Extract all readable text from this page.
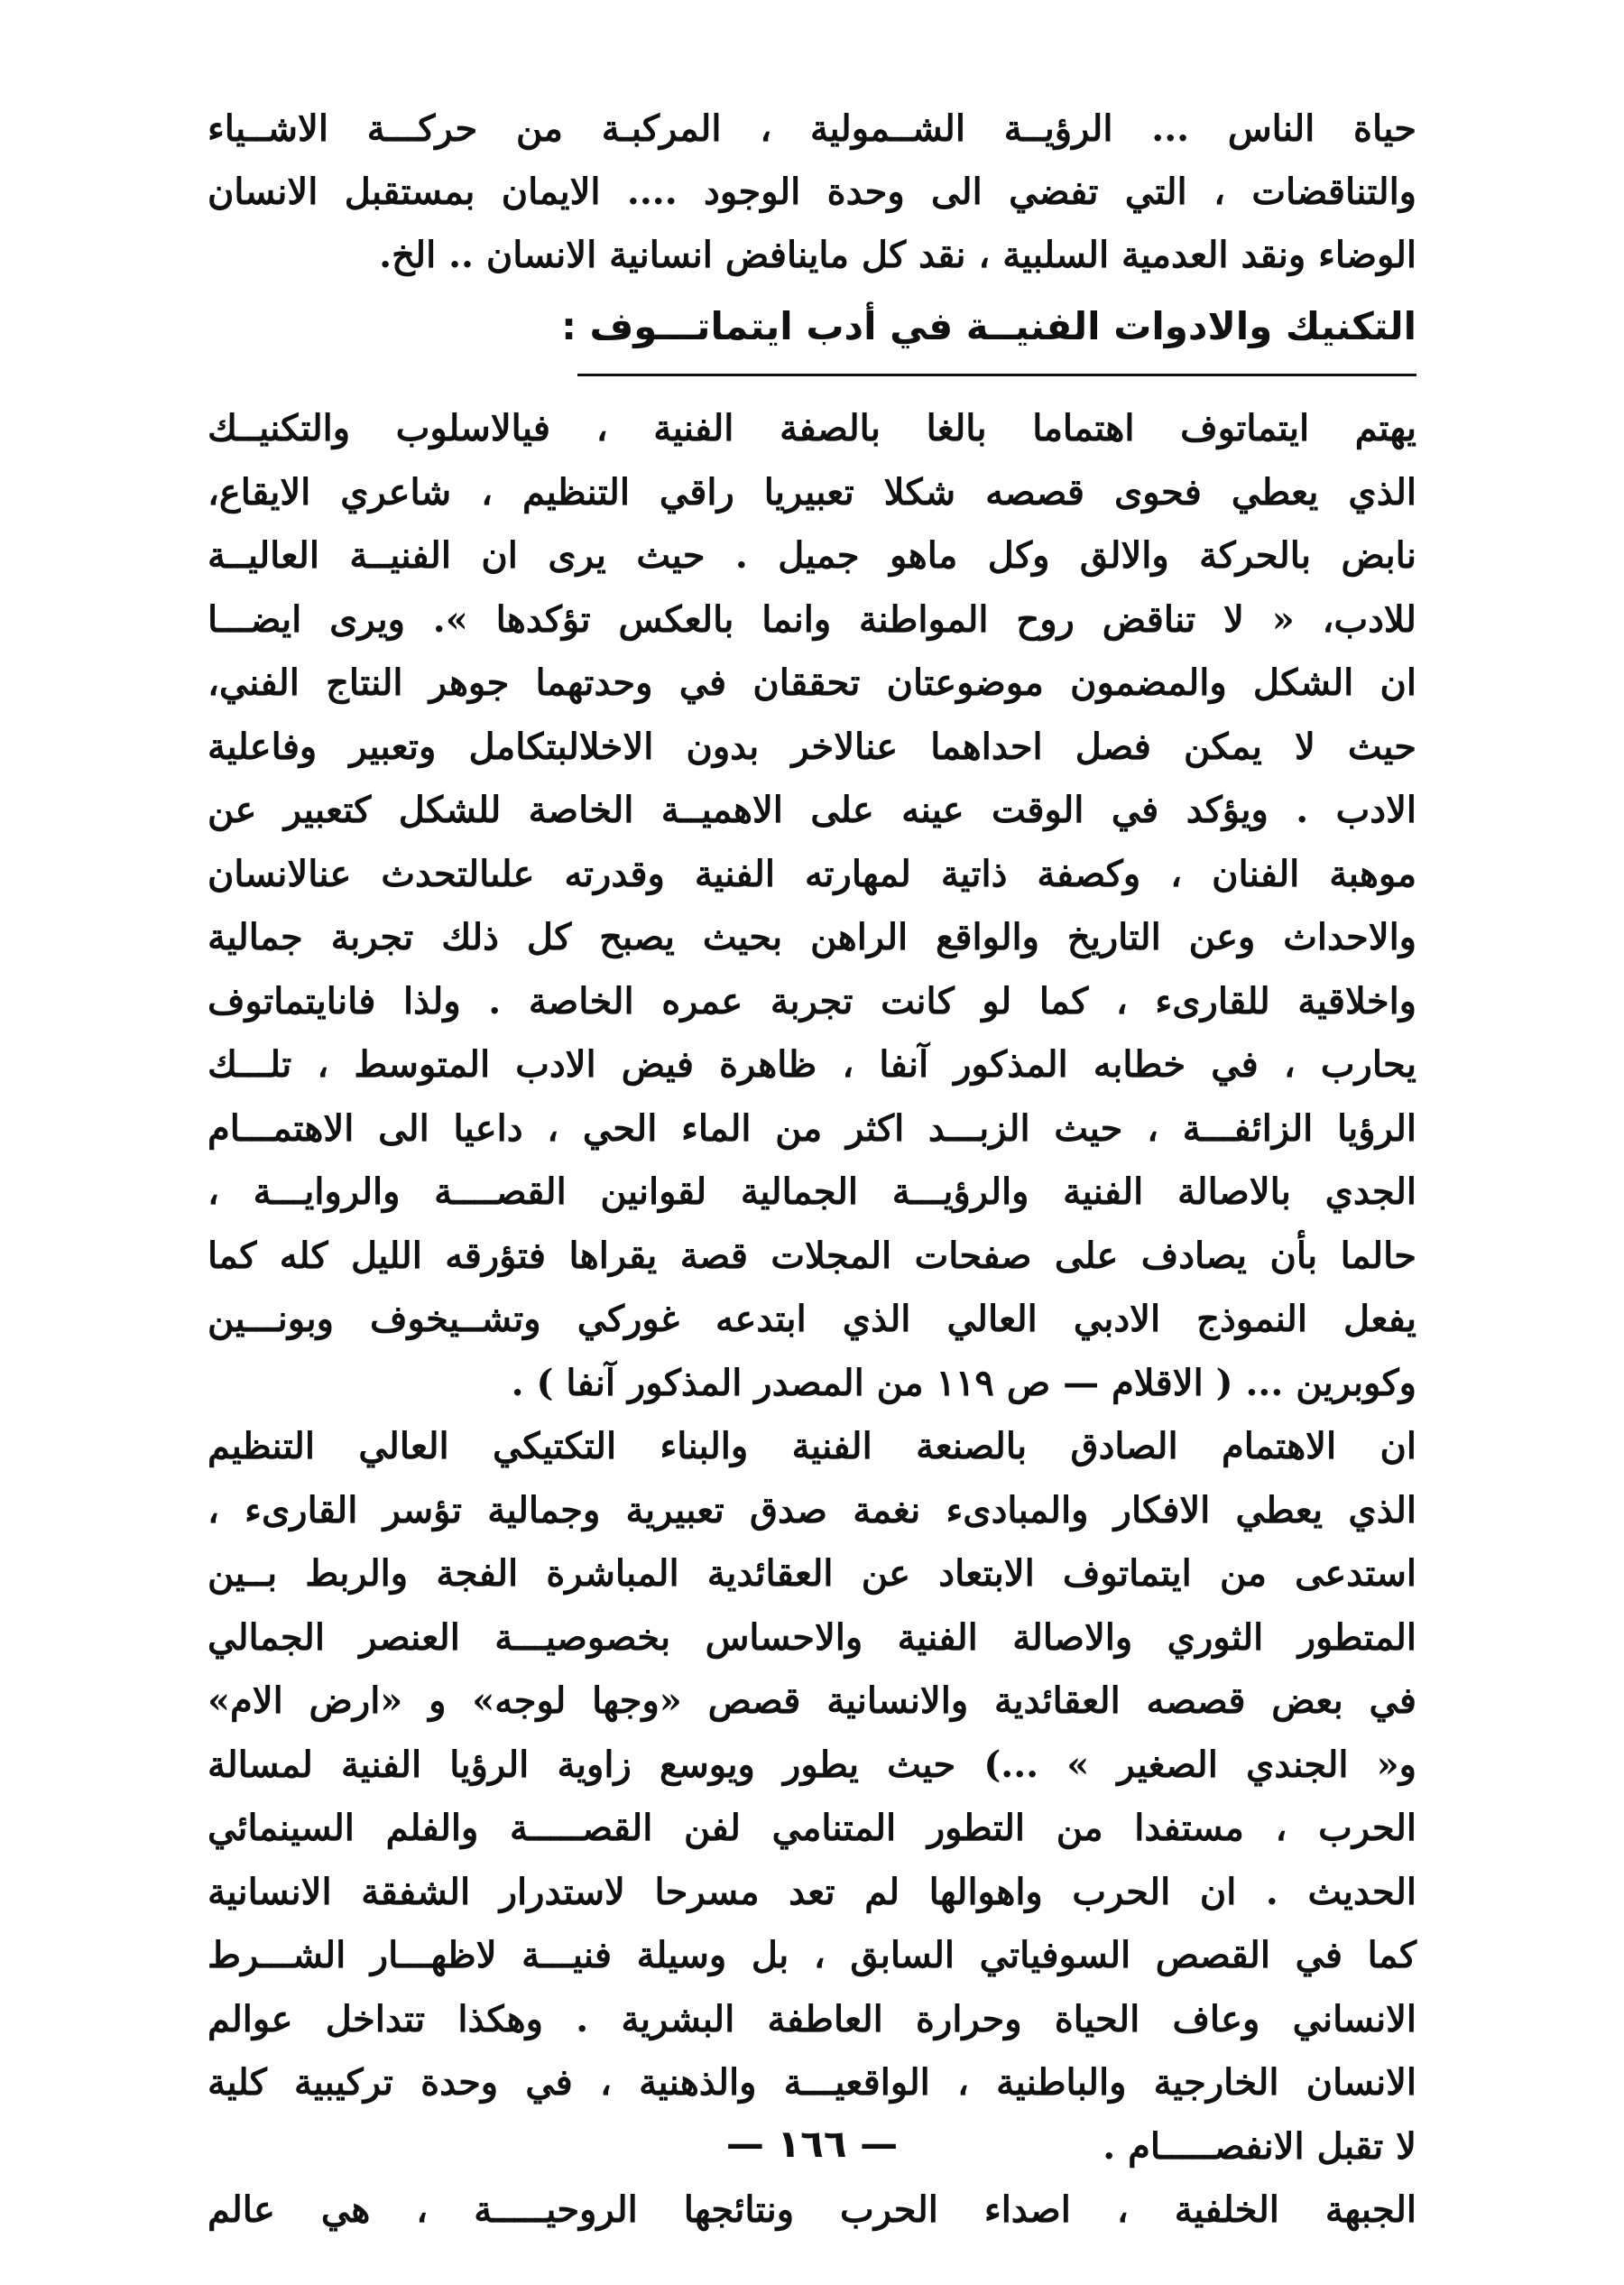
حياة الناس ... الرؤيــة الشــمولية ، المركبـة من حركـــة الاشــياء
والتناقضات ، التي تفضي الى وحدة الوجود .... الايمان بمستقبل الانسان
الوضاء ونقد العدمية السلبية ، نقد كل ماينافض انسانية الانسان .. الخ.
التكنيك والادوات الفنيــة في أدب ايتماتـــوف :
يهتم ايتماتوف اهتماما بالغا بالصفة الفنية ، فيالاسلوب والتكنيــك
الذي يعطي فحوى قصصه شكلا تعبيريا راقي التنظيم ، شاعري الايقاع،
نابض بالحركة والالق وكل ماهو جميل . حيث يرى ان الفنيــة العاليــة
للادب، « لا تناقض روح المواطنة وانما بالعكس تؤكدها ». ويرى ايضـــا
ان الشكل والمضمون موضوعتان تحققان في وحدتهما جوهر النتاج الفني،
حيث لا يمكن فصل احداهما عنالاخر بدون الاخلالبتكامل وتعبير وفاعلية
الادب . ويؤكد في الوقت عينه على الاهميــة الخاصة للشكل كتعبير عن
موهبة الفنان ، وكصفة ذاتية لمهارته الفنية وقدرته علىالتحدث عنالانسان
والاحداث وعن التاريخ والواقع الراهن بحيث يصبح كل ذلك تجربة جمالية
واخلاقية للقارىء ، كما لو كانت تجربة عمره الخاصة . ولذا فانايتماتوف
يحارب ، في خطابه المذكور آنفا ، ظاهرة فيض الادب المتوسط ، تلـــك
الرؤيا الزائفـــة ، حيث الزبـــد اكثر من الماء الحي ، داعيا الى الاهتمـــام
الجدي بالاصالة الفنية والرؤيـــة الجمالية لقوانين القصــــة والروايـــة ،
حالما بأن يصادف على صفحات المجلات قصة يقراها فتؤرقه الليل كله كما
يفعل النموذج الادبي العالي الذي ابتدعه غوركي وتشــيخوف وبونـــين
وكوبرين ... ( الاقلام — ص ١١٩ من المصدر المذكور آنفا ) .
ان الاهتمام الصادق بالصنعة الفنية والبناء التكتيكي العالي التنظيم
الذي يعطي الافكار والمبادىء نغمة صدق تعبيرية وجمالية تؤسر القارىء ،
استدعى من ايتماتوف الابتعاد عن العقائدية المباشرة الفجة والربط بــين
المتطور الثوري والاصالة الفنية والاحساس بخصوصيـــة العنصر الجمالي
في بعض قصصه العقائدية والانسانية قصص «وجها لوجه» و «ارض الام»
و« الجندي الصغير » ...) حيث يطور ويوسع زاوية الرؤيا الفنية لمسالة
الحرب ، مستفدا من التطور المتنامي لفن القصـــــة والفلم السينمائي
الحديث . ان الحرب واهوالها لم تعد مسرحا لاستدرار الشفقة الانسانية
كما في القصص السوفياتي السابق ، بل وسيلة فنيـــة لاظهـــار الشـــرط
الانساني وعاف الحياة وحرارة العاطفة البشرية . وهكذا تتداخل عوالم
الانسان الخارجية والباطنية ، الواقعيـــة والذهنية ، في وحدة تركيبية كلية
لا تقبل الانفصـــــام .
الجبهة الخلفية ، اصداء الحرب ونتائجها الروحيـــــة ، هي عالم
— ١٦٦ —
